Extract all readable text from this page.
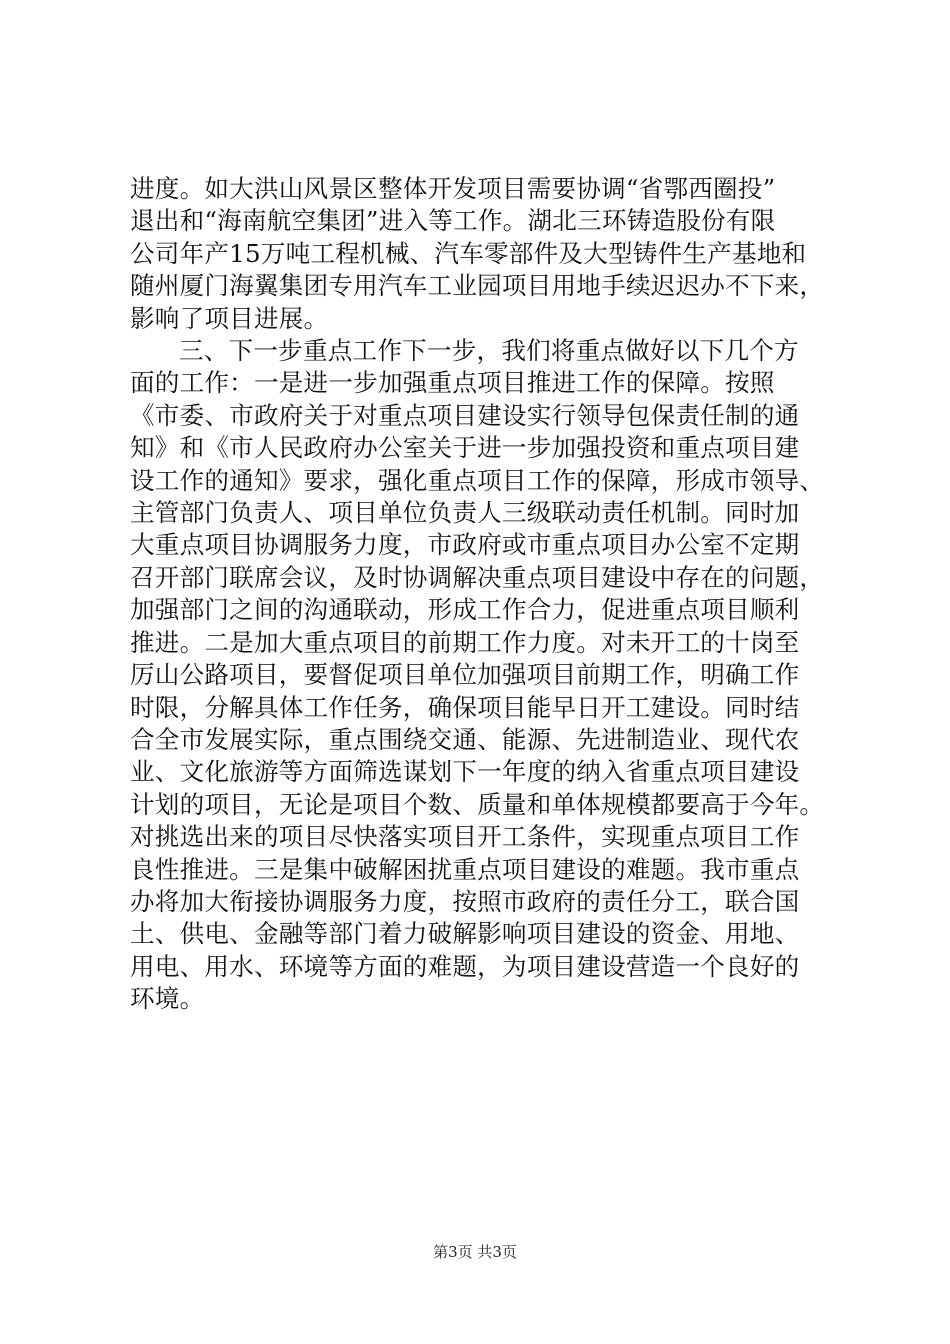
进度。如大洪山风景区整体开发项目需要协调“省鄂西圈投”
退出和“海南航空集团”进入等工作。湖北三环铸造股份有限
公司年产15万吨工程机械、汽车零部件及大型铸件生产基地和
随州厦门海翼集团专用汽车工业园项目用地手续迟迟办不下来，
影响了项目进展。
三、下一步重点工作下一步，我们将重点做好以下几个方
面的工作：一是进一步加强重点项目推进工作的保障。按照
《市委、市政府关于对重点项目建设实行领导包保责任制的通
知》和《市人民政府办公室关于进一步加强投资和重点项目建
设工作的通知》要求，强化重点项目工作的保障，形成市领导、
主管部门负责人、项目单位负责人三级联动责任机制。同时加
大重点项目协调服务力度，市政府或市重点项目办公室不定期
召开部门联席会议，及时协调解决重点项目建设中存在的问题，
加强部门之间的沟通联动，形成工作合力，促进重点项目顺利
推进。二是加大重点项目的前期工作力度。对未开工的十岗至
厉山公路项目，要督促项目单位加强项目前期工作，明确工作
时限，分解具体工作任务，确保项目能早日开工建设。同时结
合全市发展实际，重点围绕交通、能源、先进制造业、现代农
业、文化旅游等方面筛选谋划下一年度的纳入省重点项目建设
计划的项目，无论是项目个数、质量和单体规模都要高于今年。
对挑选出来的项目尽快落实项目开工条件，实现重点项目工作
良性推进。三是集中破解困扰重点项目建设的难题。我市重点
办将加大衔接协调服务力度，按照市政府的责任分工，联合国
土、供电、金融等部门着力破解影响项目建设的资金、用地、
用电、用水、环境等方面的难题，为项目建设营造一个良好的
环境。
第3页 共3页
